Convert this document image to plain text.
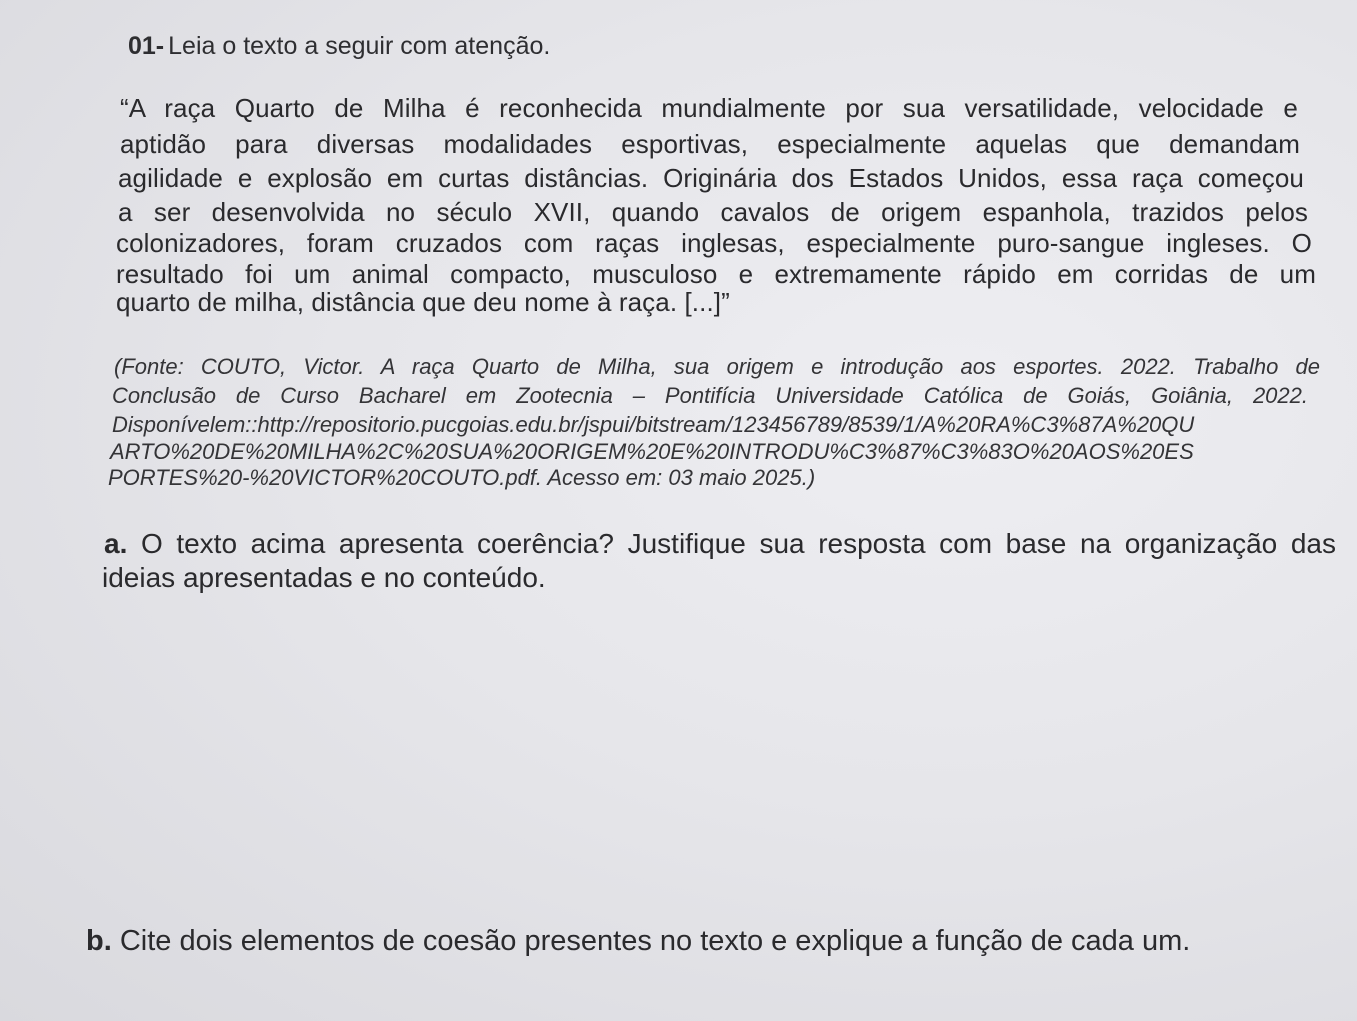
01- Leia o texto a seguir com atenção.
“A raça Quarto de Milha é reconhecida mundialmente por sua versatilidade, velocidade e
aptidão para diversas modalidades esportivas, especialmente aquelas que demandam
agilidade e explosão em curtas distâncias. Originária dos Estados Unidos, essa raça começou
a ser desenvolvida no século XVII, quando cavalos de origem espanhola, trazidos pelos
colonizadores, foram cruzados com raças inglesas, especialmente puro-sangue ingleses. O
resultado foi um animal compacto, musculoso e extremamente rápido em corridas de um
quarto de milha, distância que deu nome à raça. [...]”
(Fonte: COUTO, Victor. A raça Quarto de Milha, sua origem e introdução aos esportes. 2022. Trabalho de
Conclusão de Curso Bacharel em Zootecnia – Pontifícia Universidade Católica de Goiás, Goiânia, 2022.
Disponívelem::http://repositorio.pucgoias.edu.br/jspui/bitstream/123456789/8539/1/A%20RA%C3%87A%20QU
ARTO%20DE%20MILHA%2C%20SUA%20ORIGEM%20E%20INTRODU%C3%87%C3%83O%20AOS%20ES
PORTES%20-%20VICTOR%20COUTO.pdf. Acesso em: 03 maio 2025.)
a. O texto acima apresenta coerência? Justifique sua resposta com base na organização das
ideias apresentadas e no conteúdo.
b. Cite dois elementos de coesão presentes no texto e explique a função de cada um.
